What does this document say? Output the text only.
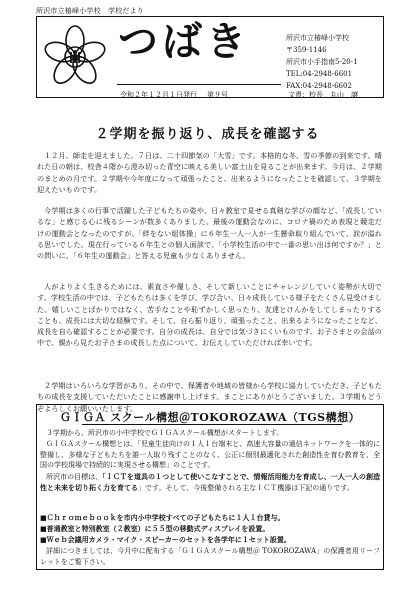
所沢市立椿峰小学校　学校だより
つばき	所沢市立椿峰小学校
〒359-1146
所沢市小手指南5-20-1
TEL:04-2948-6601
FAX:04-2948-6602
令和２年１２月１日発行 第９号	文責：校長　丸山　譲
２学期を振り返り、成長を確認する
１２月、師走を迎えました。７日は、二十四節気の「大雪」です。本格的な冬、雪の季節の到来です。晴れた日の朝は、校舎４階から澄み切った青空に映える美しい富士山を見ることが出来ます。今月は、２学期のまとめの月です。２学期や今年度になって頑張ったこと、出来るようになったことを確認して、３学期を迎えたいものです。
今学期は多くの行事で活躍した子どもたちの姿や、日々教室で見せる真剣な学びの顔など、「成長しているな」と感じる心に残るシーンが数多くありました。最後の運動会なのに、コロナ禍のため表現と競走だけの運動会となったのですが、「絆をない組体操」に６年生一人一人が一生懸命取り組んでいて、涙が溢れる思いでした。現在行っている６年生との個人面談で、「小学校生活の中で一番の思い出は何ですか？」との問いに、「６年生の運動会」と答える児童も少なくありません。
人がよりよく生きるためには、素直さや優しさ、そして新しいことにチャレンジしていく姿勢が大切です。学校生活の中では、子どもたちは多くを学び、学び合い、日々成長している様子をたくさん見受けました。嬉しいことばかりではなく、苦手なことや恥ずかしく思ったり、友達とけんかをしてしまったりすることも、成長には大切な経験です。そして、自ら振り返り、頑張ったこと、出来るようになったことなど、成長を自ら確認することが必要です。自分の成長は、自分では気づきにくいものです。お子さまとの会話の中で、親から見たお子さまの成長した点について、お伝えしていただければ幸いです。
２学期はいろいろな学習があり、その中で、保護者や地域の皆様から学校に協力していただき、子どもたちの成長を支援していただいたことに感謝申し上げます。まことにありがとうございました。３学期もどうぞよろしくお願いいたします。
ＧＩＧＡ スクール構想＠TOKOROZAWA（TGS構想）
３学期から、所沢市の小中学校でＧＩＧＡスクール構想がスタートします。
ＧＩＧＡスクール構想とは、「児童生徒向けの１人１台端末と、高速大容量の通信ネットワークを一体的に整備し、多様な子どもたちを誰一人取り残すことのなく、公正に個別最適化された創造性を育む教育を、全国の学校現場で持続的に実現させる構想」のことです。
所沢市の目標は、「ＩＣＴを道具の１つとして使いこなすことで、情報活用能力を育成し、一人一人の創造性と未来を切り拓く力を育てる」です。そして、今後整備される主なＩＣＴ機器は下記の通りです。
■Ｃｈｒｏｍｅｂｏｏｋを市内小中学校すべての子どもたちに１人１台貸与。
■普通教室と特別教室（２教室）に５５型の移動式ディスプレイを設置。
■Ｗｅｂ会議用カメラ・マイク・スピーカーのセットを各学年に１セット設置。
詳細につきましては、今月中に配布する「ＧＩＧＡスクール構想＠ TOKOROZAWA」の保護者用リーフレットをご覧下さい。
